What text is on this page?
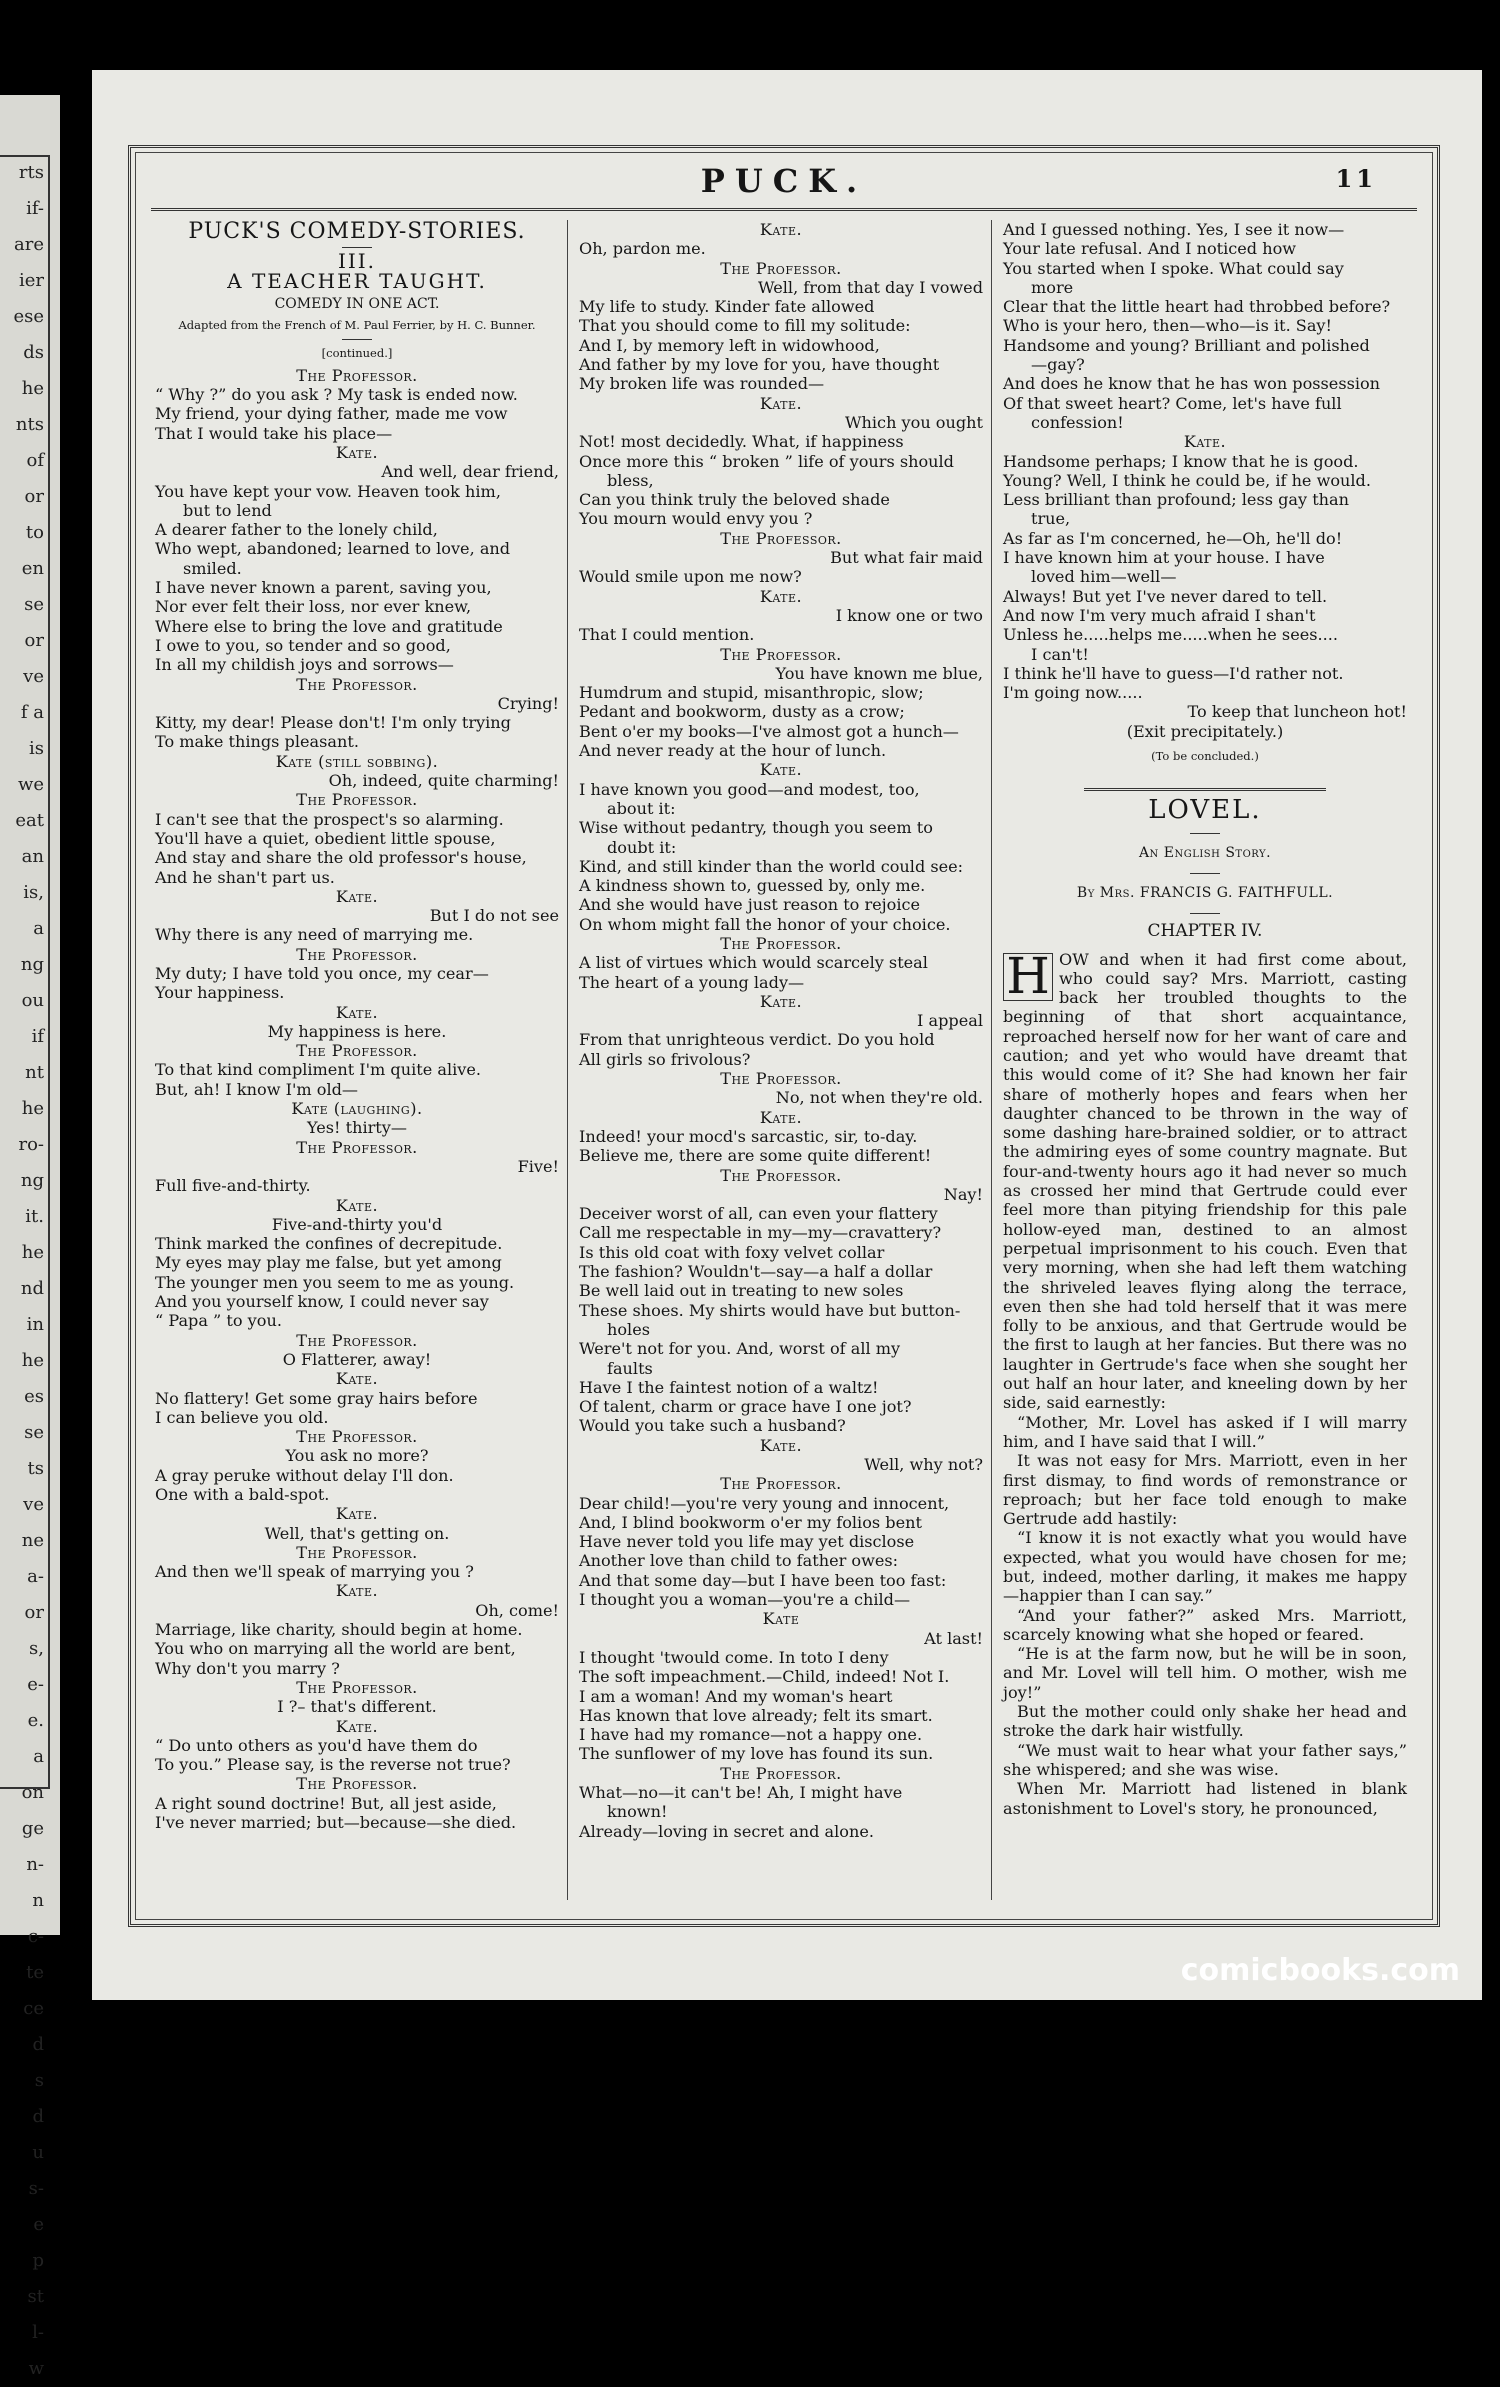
PUCK.	11

PUCK'S COMEDY-STORIES.

III.

A TEACHER TAUGHT.

COMEDY IN ONE ACT.

Adapted from the French of M. Paul Ferrier, by H. C. Bunner.

[continued.]

The Professor.

“ Why ?” do you ask ? My task is ended now.

My friend, your dying father, made me vow

That I would take his place—

Kate.

And well, dear friend,

You have kept your vow. Heaven took him,

but to lend

A dearer father to the lonely child,

Who wept, abandoned; learned to love, and

smiled.

I have never known a parent, saving you,

Nor ever felt their loss, nor ever knew,

Where else to bring the love and gratitude

I owe to you, so tender and so good,

In all my childish joys and sorrows—

The Professor.

Crying!

Kitty, my dear! Please don't! I'm only trying

To make things pleasant.

Kate (still sobbing).

Oh, indeed, quite charming!

The Professor.

I can't see that the prospect's so alarming.

You'll have a quiet, obedient little spouse,

And stay and share the old professor's house,

And he shan't part us.

Kate.

But I do not see

Why there is any need of marrying me.

The Professor.

My duty; I have told you once, my cear—

Your happiness.

Kate.

My happiness is here.

The Professor.

To that kind compliment I'm quite alive.

But, ah! I know I'm old—

Kate (laughing).

Yes! thirty—

The Professor.

Five!

Full five-and-thirty.

Kate.

Five-and-thirty you'd

Think marked the confines of decrepitude.

My eyes may play me false, but yet among

The younger men you seem to me as young.

And you yourself know, I could never say

“ Papa ” to you.

The Professor.

O Flatterer, away!

Kate.

No flattery! Get some gray hairs before

I can believe you old.

The Professor.

You ask no more?

A gray peruke without delay I'll don.

One with a bald-spot.

Kate.

Well, that's getting on.

The Professor.

And then we'll speak of marrying you ?

Kate.

Oh, come!

Marriage, like charity, should begin at home.

You who on marrying all the world are bent,

Why don't you marry ?

The Professor.

I ?– that's different.

Kate.

“ Do unto others as you'd have them do

To you.” Please say, is the reverse not true?

The Professor.

A right sound doctrine! But, all jest aside,

I've never married; but—because—she died.

Kate.

Oh, pardon me.

The Professor.

Well, from that day I vowed

My life to study. Kinder fate allowed

That you should come to fill my solitude:

And I, by memory left in widowhood,

And father by my love for you, have thought

My broken life was rounded—

Kate.

Which you ought

Not! most decidedly. What, if happiness

Once more this “ broken ” life of yours should

bless,

Can you think truly the beloved shade

You mourn would envy you ?

The Professor.

But what fair maid

Would smile upon me now?

Kate.

I know one or two

That I could mention.

The Professor.

You have known me blue,

Humdrum and stupid, misanthropic, slow;

Pedant and bookworm, dusty as a crow;

Bent o'er my books—I've almost got a hunch—

And never ready at the hour of lunch.

Kate.

I have known you good—and modest, too,

about it:

Wise without pedantry, though you seem to

doubt it:

Kind, and still kinder than the world could see:

A kindness shown to, guessed by, only me.

And she would have just reason to rejoice

On whom might fall the honor of your choice.

The Professor.

A list of virtues which would scarcely steal

The heart of a young lady—

Kate.

I appeal

From that unrighteous verdict. Do you hold

All girls so frivolous?

The Professor.

No, not when they're old.

Kate.

Indeed! your mocd's sarcastic, sir, to-day.

Believe me, there are some quite different!

The Professor.

Nay!

Deceiver worst of all, can even your flattery

Call me respectable in my—my—cravattery?

Is this old coat with foxy velvet collar

The fashion? Wouldn't—say—a half a dollar

Be well laid out in treating to new soles

These shoes. My shirts would have but button-

holes

Were't not for you. And, worst of all my

faults

Have I the faintest notion of a waltz!

Of talent, charm or grace have I one jot?

Would you take such a husband?

Kate.

Well, why not?

The Professor.

Dear child!—you're very young and innocent,

And, I blind bookworm o'er my folios bent

Have never told you life may yet disclose

Another love than child to father owes:

And that some day—but I have been too fast:

I thought you a woman—you're a child—

Kate

At last!

I thought 'twould come. In toto I deny

The soft impeachment.—Child, indeed! Not I.

I am a woman! And my woman's heart

Has known that love already; felt its smart.

I have had my romance—not a happy one.

The sunflower of my love has found its sun.

The Professor.

What—no—it can't be! Ah, I might have

known!

Already—loving in secret and alone.

And I guessed nothing. Yes, I see it now—

Your late refusal. And I noticed how

You started when I spoke. What could say

more

Clear that the little heart had throbbed before?

Who is your hero, then—who—is it. Say!

Handsome and young? Brilliant and polished

—gay?

And does he know that he has won possession

Of that sweet heart? Come, let's have full

confession!

Kate.

Handsome perhaps; I know that he is good.

Young? Well, I think he could be, if he would.

Less brilliant than profound; less gay than

true,

As far as I'm concerned, he—Oh, he'll do!

I have known him at your house. I have

loved him—well—

Always! But yet I've never dared to tell.

And now I'm very much afraid I shan't

Unless he.....helps me.....when he sees....

I can't!

I think he'll have to guess—I'd rather not.

I'm going now.....

To keep that luncheon hot!

(Exit precipitately.)

(To be concluded.)

LOVEL.

An English Story.

By Mrs. FRANCIS G. FAITHFULL.

CHAPTER IV.

H OW and when it had first come about, who could say? Mrs. Marriott, casting back her troubled thoughts to the beginning of that short acquaintance, reproached herself now for her want of care and caution; and yet who would have dreamt that this would come of it? She had known her fair share of motherly hopes and fears when her daughter chanced to be thrown in the way of some dashing hare-brained soldier, or to attract the admiring eyes of some country magnate. But four-and-twenty hours ago it had never so much as crossed her mind that Gertrude could ever feel more than pitying friendship for this pale hollow-eyed man, destined to an almost perpetual imprisonment to his couch. Even that very morning, when she had left them watching the shriveled leaves flying along the terrace, even then she had told herself that it was mere folly to be anxious, and that Gertrude would be the first to laugh at her fancies. But there was no laughter in Gertrude's face when she sought her out half an hour later, and kneeling down by her side, said earnestly:

“Mother, Mr. Lovel has asked if I will marry him, and I have said that I will.”

It was not easy for Mrs. Marriott, even in her first dismay, to find words of remonstrance or reproach; but her face told enough to make Gertrude add hastily:

“I know it is not exactly what you would have expected, what you would have chosen for me; but, indeed, mother darling, it makes me happy—happier than I can say.”

“And your father?” asked Mrs. Marriott, scarcely knowing what she hoped or feared.

“He is at the farm now, but he will be in soon, and Mr. Lovel will tell him. O mother, wish me joy!”

But the mother could only shake her head and stroke the dark hair wistfully.

“We must wait to hear what your father says,” she whispered; and she was wise.

When Mr. Marriott had listened in blank astonishment to Lovel's story, he pronounced,

comicbooks.com
rts
if-
are
ier
ese
ds
he
nts
of
or
to
en
se
or
ve
f a
is
we
eat
an
is,
a
ng
ou
if
nt
he
ro-
ng
it.
he
nd
in
he
es
se
ts
ve
ne
a-
or
s,
e-
e.
a
on
ge
n-
n
c-
te
ce
d
s
d
u
s-
e
p
st
l-
w
